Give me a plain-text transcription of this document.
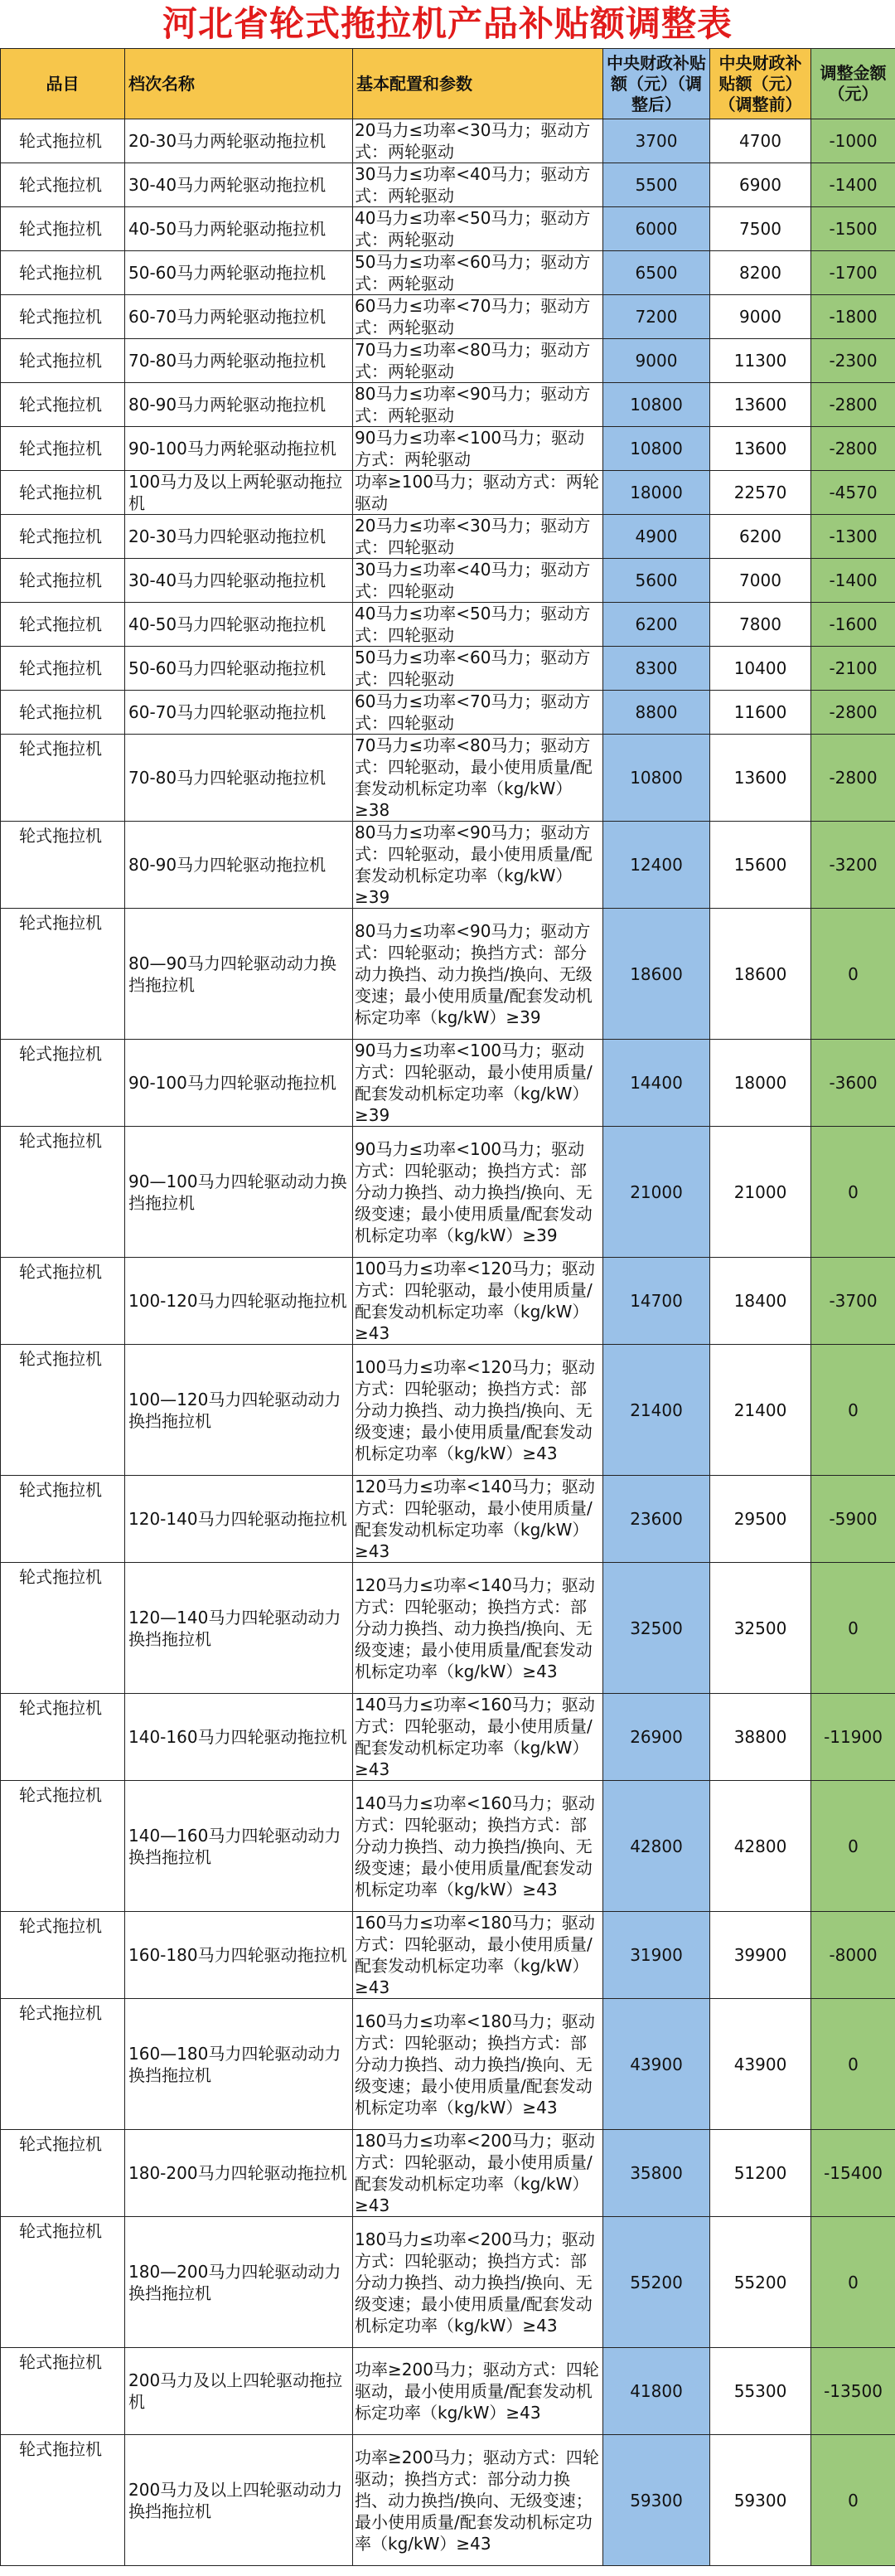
河北省轮式拖拉机产品补贴额调整表
品目	档次名称	基本配置和参数	中央财政补贴额（元）（调整后）	中央财政补贴额（元）（调整前）	调整金额（元）
轮式拖拉机	20-30马力两轮驱动拖拉机	20马力≤功率<30马力；驱动方式：两轮驱动	3700	4700	-1000
轮式拖拉机	30-40马力两轮驱动拖拉机	30马力≤功率<40马力；驱动方式：两轮驱动	5500	6900	-1400
轮式拖拉机	40-50马力两轮驱动拖拉机	40马力≤功率<50马力；驱动方式：两轮驱动	6000	7500	-1500
轮式拖拉机	50-60马力两轮驱动拖拉机	50马力≤功率<60马力；驱动方式：两轮驱动	6500	8200	-1700
轮式拖拉机	60-70马力两轮驱动拖拉机	60马力≤功率<70马力；驱动方式：两轮驱动	7200	9000	-1800
轮式拖拉机	70-80马力两轮驱动拖拉机	70马力≤功率<80马力；驱动方式：两轮驱动	9000	11300	-2300
轮式拖拉机	80-90马力两轮驱动拖拉机	80马力≤功率<90马力；驱动方式：两轮驱动	10800	13600	-2800
轮式拖拉机	90-100马力两轮驱动拖拉机	90马力≤功率<100马力；驱动方式：两轮驱动	10800	13600	-2800
轮式拖拉机	100马力及以上两轮驱动拖拉机	功率≥100马力；驱动方式：两轮驱动	18000	22570	-4570
轮式拖拉机	20-30马力四轮驱动拖拉机	20马力≤功率<30马力；驱动方式：四轮驱动	4900	6200	-1300
轮式拖拉机	30-40马力四轮驱动拖拉机	30马力≤功率<40马力；驱动方式：四轮驱动	5600	7000	-1400
轮式拖拉机	40-50马力四轮驱动拖拉机	40马力≤功率<50马力；驱动方式：四轮驱动	6200	7800	-1600
轮式拖拉机	50-60马力四轮驱动拖拉机	50马力≤功率<60马力；驱动方式：四轮驱动	8300	10400	-2100
轮式拖拉机	60-70马力四轮驱动拖拉机	60马力≤功率<70马力；驱动方式：四轮驱动	8800	11600	-2800
轮式拖拉机	70-80马力四轮驱动拖拉机	70马力≤功率<80马力；驱动方式：四轮驱动，最小使用质量/配套发动机标定功率（kg/kW）≥38	10800	13600	-2800
轮式拖拉机	80-90马力四轮驱动拖拉机	80马力≤功率<90马力；驱动方式：四轮驱动，最小使用质量/配套发动机标定功率（kg/kW）≥39	12400	15600	-3200
轮式拖拉机	80—90马力四轮驱动动力换挡拖拉机	80马力≤功率<90马力；驱动方式：四轮驱动；换挡方式：部分动力换挡、动力换挡/换向、无级变速；最小使用质量/配套发动机标定功率（kg/kW）≥39	18600	18600	0
轮式拖拉机	90-100马力四轮驱动拖拉机	90马力≤功率<100马力；驱动方式：四轮驱动，最小使用质量/配套发动机标定功率（kg/kW）≥39	14400	18000	-3600
轮式拖拉机	90—100马力四轮驱动动力换挡拖拉机	90马力≤功率<100马力；驱动方式：四轮驱动；换挡方式：部分动力换挡、动力换挡/换向、无级变速；最小使用质量/配套发动机标定功率（kg/kW）≥39	21000	21000	0
轮式拖拉机	100-120马力四轮驱动拖拉机	100马力≤功率<120马力；驱动方式：四轮驱动，最小使用质量/配套发动机标定功率（kg/kW）≥43	14700	18400	-3700
轮式拖拉机	100—120马力四轮驱动动力换挡拖拉机	100马力≤功率<120马力；驱动方式：四轮驱动；换挡方式：部分动力换挡、动力换挡/换向、无级变速；最小使用质量/配套发动机标定功率（kg/kW）≥43	21400	21400	0
轮式拖拉机	120-140马力四轮驱动拖拉机	120马力≤功率<140马力；驱动方式：四轮驱动，最小使用质量/配套发动机标定功率（kg/kW）≥43	23600	29500	-5900
轮式拖拉机	120—140马力四轮驱动动力换挡拖拉机	120马力≤功率<140马力；驱动方式：四轮驱动；换挡方式：部分动力换挡、动力换挡/换向、无级变速；最小使用质量/配套发动机标定功率（kg/kW）≥43	32500	32500	0
轮式拖拉机	140-160马力四轮驱动拖拉机	140马力≤功率<160马力；驱动方式：四轮驱动，最小使用质量/配套发动机标定功率（kg/kW）≥43	26900	38800	-11900
轮式拖拉机	140—160马力四轮驱动动力换挡拖拉机	140马力≤功率<160马力；驱动方式：四轮驱动；换挡方式：部分动力换挡、动力换挡/换向、无级变速；最小使用质量/配套发动机标定功率（kg/kW）≥43	42800	42800	0
轮式拖拉机	160-180马力四轮驱动拖拉机	160马力≤功率<180马力；驱动方式：四轮驱动，最小使用质量/配套发动机标定功率（kg/kW）≥43	31900	39900	-8000
轮式拖拉机	160—180马力四轮驱动动力换挡拖拉机	160马力≤功率<180马力；驱动方式：四轮驱动；换挡方式：部分动力换挡、动力换挡/换向、无级变速；最小使用质量/配套发动机标定功率（kg/kW）≥43	43900	43900	0
轮式拖拉机	180-200马力四轮驱动拖拉机	180马力≤功率<200马力；驱动方式：四轮驱动，最小使用质量/配套发动机标定功率（kg/kW）≥43	35800	51200	-15400
轮式拖拉机	180—200马力四轮驱动动力换挡拖拉机	180马力≤功率<200马力；驱动方式：四轮驱动；换挡方式：部分动力换挡、动力换挡/换向、无级变速；最小使用质量/配套发动机标定功率（kg/kW）≥43	55200	55200	0
轮式拖拉机	200马力及以上四轮驱动拖拉机	功率≥200马力；驱动方式：四轮驱动，最小使用质量/配套发动机标定功率（kg/kW）≥43	41800	55300	-13500
轮式拖拉机	200马力及以上四轮驱动动力换挡拖拉机	功率≥200马力；驱动方式：四轮驱动；换挡方式：部分动力换挡、动力换挡/换向、无级变速；最小使用质量/配套发动机标定功率（kg/kW）≥43	59300	59300	0
